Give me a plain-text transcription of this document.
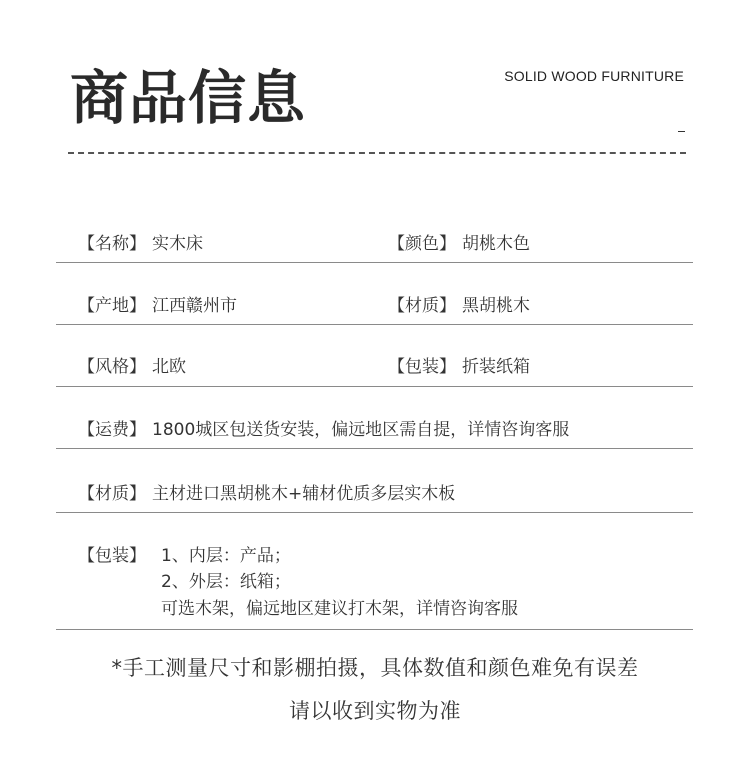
商品信息	SOLID WOOD FURNITURE
【名称】 实木床	【颜色】 胡桃木色
【产地】 江西赣州市	【材质】 黑胡桃木
【风格】 北欧	【包装】 折装纸箱
【运费】 1800城区包送货安装，偏远地区需自提，详情咨询客服
【材质】 主材进口黑胡桃木+辅材优质多层实木板
【包装】 1、内层：产品；
2、外层：纸箱；
可选木架，偏远地区建议打木架，详情咨询客服
*手工测量尺寸和影棚拍摄，具体数值和颜色难免有误差
请以收到实物为准
